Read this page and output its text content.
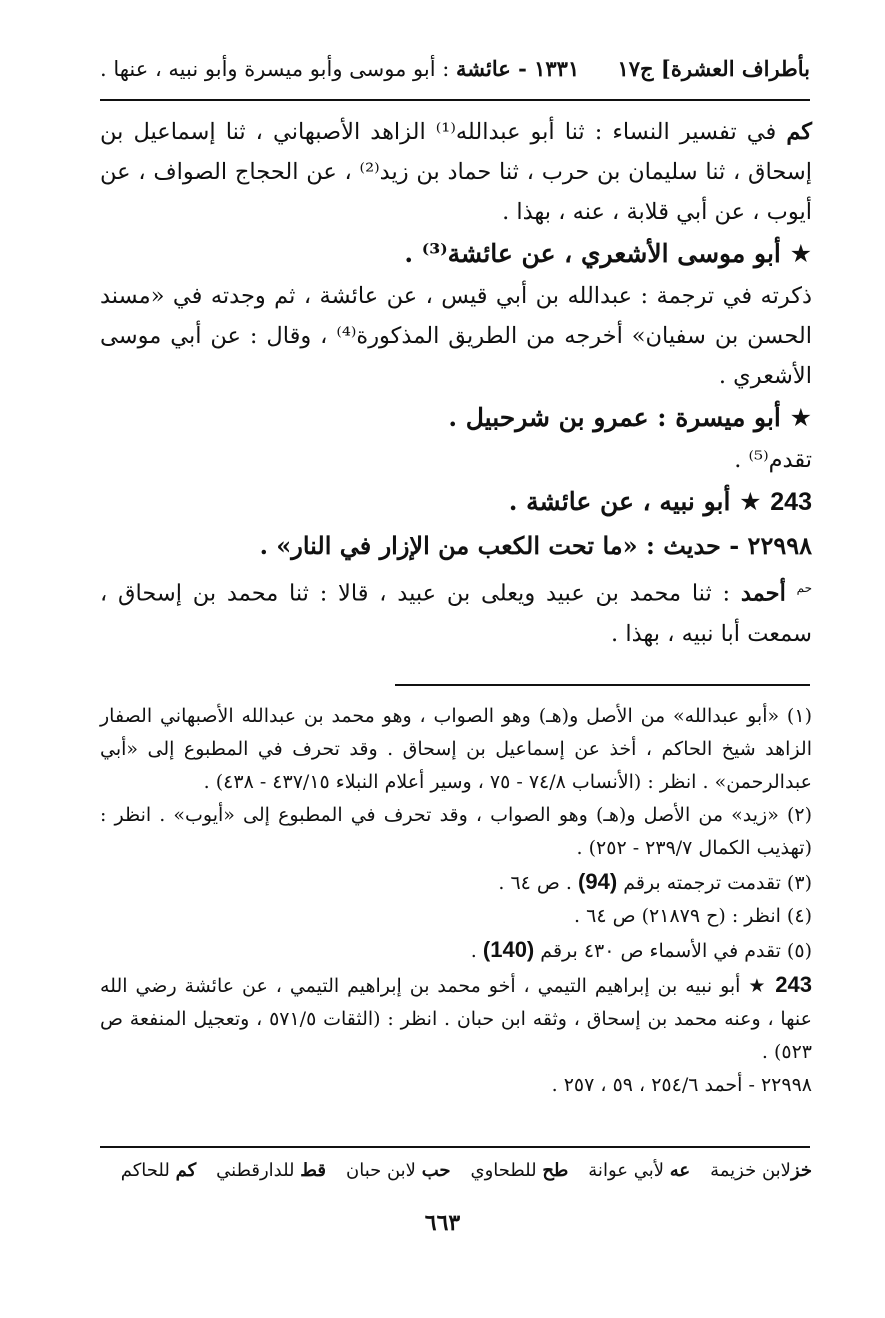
بأطراف العشرة] ج١٧
١٣٣١ - عائشة : أبو موسى وأبو ميسرة وأبو نبيه ، عنها .

كم في تفسير النساء : ثنا أبو عبدالله⁽¹⁾ الزاهد الأصبهاني ، ثنا إسماعيل بن إسحاق ، ثنا سليمان بن حرب ، ثنا حماد بن زيد⁽²⁾ ، عن الحجاج الصواف ، عن أيوب ، عن أبي قلابة ، عنه ، بهذا .

★ أبو موسى الأشعري ، عن عائشة⁽³⁾ .

ذكرته في ترجمة : عبدالله بن أبي قيس ، عن عائشة ، ثم وجدته في «مسند الحسن بن سفيان» أخرجه من الطريق المذكورة⁽⁴⁾ ، وقال : عن أبي موسى الأشعري .

★ أبو ميسرة : عمرو بن شرحبيل .

تقدم⁽⁵⁾ .

243 ★ أبو نبيه ، عن عائشة .

٢٢٩٩٨ - حديث : «ما تحت الكعب من الإزار في النار» .

$^{حم}$ أحمد : ثنا محمد بن عبيد ويعلى بن عبيد ، قالا : ثنا محمد بن إسحاق ، سمعت أبا نبيه ، بهذا .

(١) «أبو عبدالله» من الأصل و(هـ) وهو الصواب ، وهو محمد بن عبدالله الأصبهاني الصفار الزاهد شيخ الحاكم ، أخذ عن إسماعيل بن إسحاق . وقد تحرف في المطبوع إلى «أبي عبدالرحمن» . انظر : (الأنساب ٧٤/٨ - ٧٥ ، وسير أعلام النبلاء ٤٣٧/١٥ - ٤٣٨) .

(٢) «زيد» من الأصل و(هـ) وهو الصواب ، وقد تحرف في المطبوع إلى «أيوب» . انظر : (تهذيب الكمال ٢٣٩/٧ - ٢٥٢) .

(٣) تقدمت ترجمته برقم (94) . ص ٦٤ .

(٤) انظر : (ح ٢١٨٧٩) ص ٦٤ .

(٥) تقدم في الأسماء ص ٤٣٠ برقم (140) .

243 ★ أبو نبيه بن إبراهيم التيمي ، أخو محمد بن إبراهيم التيمي ، عن عائشة رضي الله عنها ، وعنه محمد بن إسحاق ، وثقه ابن حبان . انظر : (الثقات ٥٧١/٥ ، وتعجيل المنفعة ص ٥٢٣) .

٢٢٩٩٨ - أحمد ٢٥٤/٦ ، ٥٩ ، ٢٥٧ .

خزلابن خزيمة
عه لأبي عوانة
طح للطحاوي
حب لابن حبان
قط للدارقطني
كم للحاكم
٦٦٣
